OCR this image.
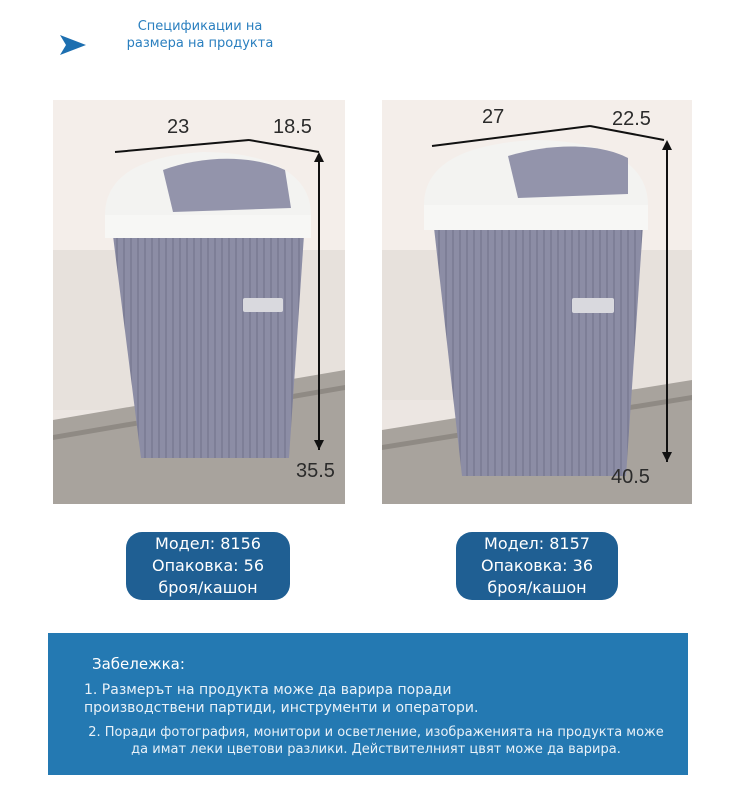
Спецификации на размера на продукта
23	18.5
35.5
27	22.5
40.5
Модел: 8156
Опаковка: 56
броя/кашон
Модел: 8157
Опаковка: 36
броя/кашон
Забележка:
1. Размерът на продукта може да варира поради производствени партиди, инструменти и оператори.
2. Поради фотография, монитори и осветление, изображенията на продукта може да имат леки цветови разлики. Действителният цвят може да варира.
